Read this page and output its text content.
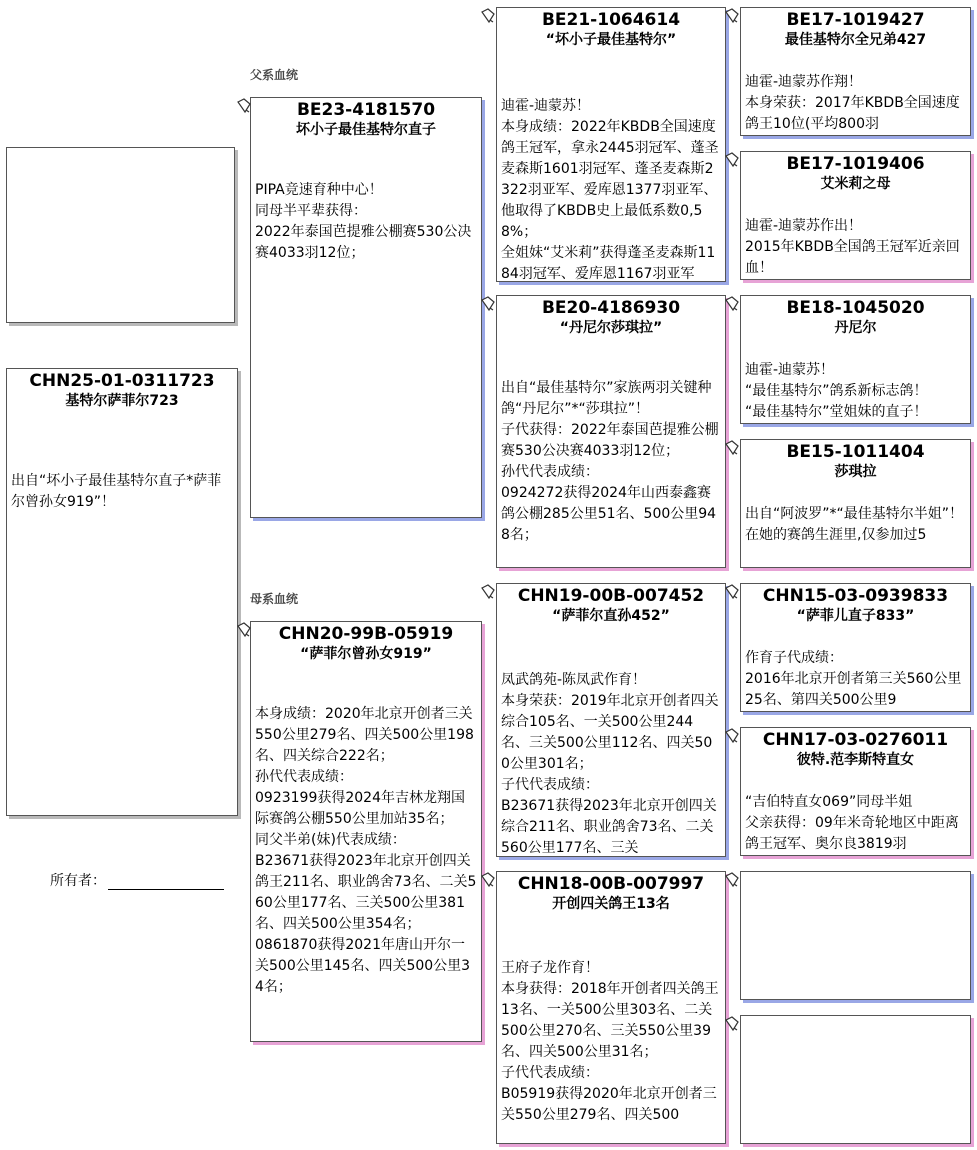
父系血统
母系血统
CHN25-01-0311723
基特尔萨菲尔723
出自“坏小子最佳基特尔直子*萨菲尔曾孙女919”！
所有者：
BE23-4181570
坏小子最佳基特尔直子
PIPA竞速育种中心！
同母半平辈获得：
2022年泰国芭提雅公棚赛530公决赛4033羽12位；
CHN20-99B-05919
“萨菲尔曾孙女919”
本身成绩：2020年北京开创者三关550公里279名、四关500公里198名、四关综合222名；
孙代代表成绩：
0923199获得2024年吉林龙翔国际赛鸽公棚550公里加站35名；
同父半弟(妹)代表成绩：
B23671获得2023年北京开创四关鸽王211名、职业鸽舍73名、二关560公里177名、三关500公里381名、四关500公里354名；
0861870获得2021年唐山开尔一关500公里145名、四关500公里34名；
BE21-1064614
“坏小子最佳基特尔”
迪霍-迪蒙苏！
本身成绩：2022年KBDB全国速度鸽王冠军，拿永2445羽冠军、蓬圣麦森斯1601羽冠军、蓬圣麦森斯2322羽亚军、爱库恩1377羽亚军、他取得了KBDB史上最低系数0,58%；
全姐妹“艾米莉”获得蓬圣麦森斯1184羽冠军、爱库恩1167羽亚军
BE20-4186930
“丹尼尔莎琪拉”
出自“最佳基特尔”家族两羽关键种鸽“丹尼尔”*“莎琪拉”！
子代获得：2022年泰国芭提雅公棚赛530公决赛4033羽12位；
孙代代表成绩：
0924272获得2024年山西泰鑫赛鸽公棚285公里51名、500公里948名；
CHN19-00B-007452
“萨菲尔直孙452”
凤武鸽苑-陈凤武作育！
本身荣获：2019年北京开创者四关综合105名、一关500公里244名、三关500公里112名、四关500公里301名；
子代代表成绩：
B23671获得2023年北京开创四关综合211名、职业鸽舍73名、二关560公里177名、三关
CHN18-00B-007997
开创四关鸽王13名
王府子龙作育！
本身获得：2018年开创者四关鸽王13名、一关500公里303名、二关500公里270名、三关550公里39名、四关500公里31名；
子代代表成绩：
B05919获得2020年北京开创者三关550公里279名、四关500
BE17-1019427
最佳基特尔全兄弟427
迪霍-迪蒙苏作翔！
本身荣获：2017年KBDB全国速度鸽王10位(平均800羽
BE17-1019406
艾米莉之母
迪霍-迪蒙苏作出！
2015年KBDB全国鸽王冠军近亲回血！
BE18-1045020
丹尼尔
迪霍-迪蒙苏！
“最佳基特尔”鸽系新标志鸽！
“最佳基特尔”堂姐妹的直子！
BE15-1011404
莎琪拉
出自“阿波罗”*“最佳基特尔半姐”！
在她的赛鸽生涯里,仅参加过5
CHN15-03-0939833
“萨菲儿直子833”
作育子代成绩：
2016年北京开创者第三关560公里25名、第四关500公里9
CHN17-03-0276011
彼特.范李斯特直女
“吉伯特直女069”同母半姐
父亲获得：09年米奇轮地区中距离鸽王冠军、奥尔良3819羽
